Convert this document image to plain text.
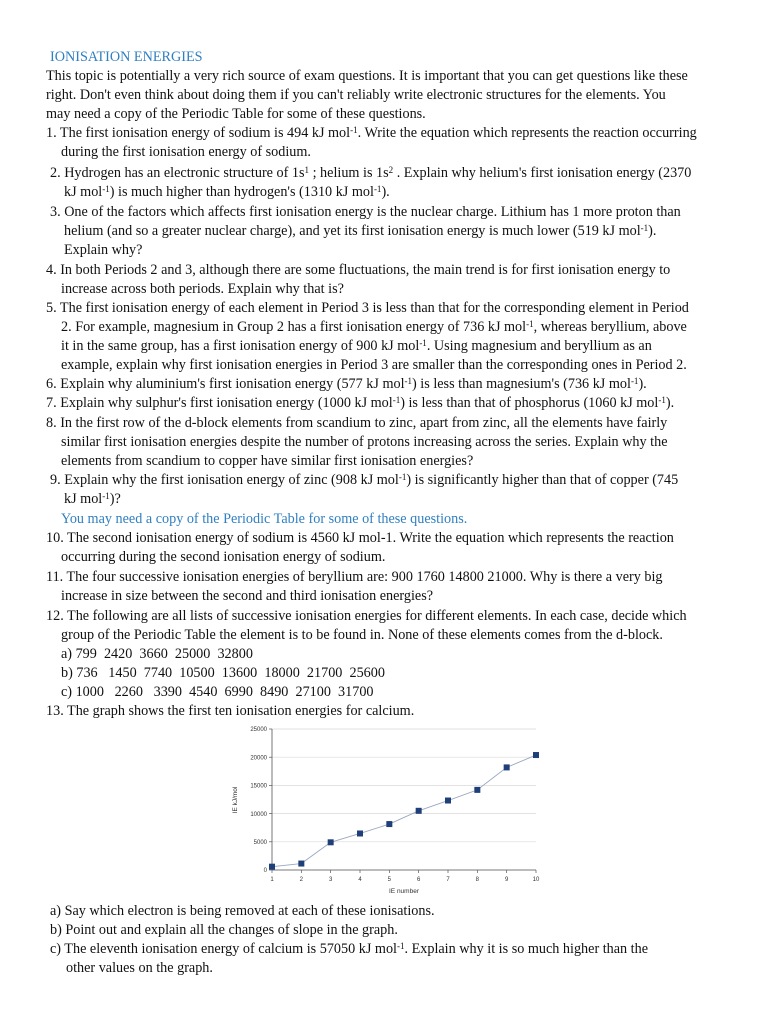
IONISATION ENERGIES

This topic is potentially a very rich source of exam questions. It is important that you can get questions like these

right. Don't even think about doing them if you can't reliably write electronic structures for the elements. You

may need a copy of the Periodic Table for some of these questions.

1. The first ionisation energy of sodium is 494 kJ mol$^{-1}$. Write the equation which represents the reaction occurring

during the first ionisation energy of sodium.

2. Hydrogen has an electronic structure of $1s^1$ ; helium is $1s^2$ . Explain why helium's first ionisation energy (2370

kJ mol$^{-1}$) is much higher than hydrogen's (1310 kJ mol$^{-1}$).

3. One of the factors which affects first ionisation energy is the nuclear charge. Lithium has 1 more proton than

helium (and so a greater nuclear charge), and yet its first ionisation energy is much lower (519 kJ mol$^{-1}$).

Explain why?

4. In both Periods 2 and 3, although there are some fluctuations, the main trend is for first ionisation energy to

increase across both periods. Explain why that is?

5. The first ionisation energy of each element in Period 3 is less than that for the corresponding element in Period

2. For example, magnesium in Group 2 has a first ionisation energy of 736 kJ mol$^{-1}$, whereas beryllium, above

it in the same group, has a first ionisation energy of 900 kJ mol$^{-1}$. Using magnesium and beryllium as an

example, explain why first ionisation energies in Period 3 are smaller than the corresponding ones in Period 2.

6. Explain why aluminium's first ionisation energy (577 kJ mol$^{-1}$) is less than magnesium's (736 kJ mol$^{-1}$).

7. Explain why sulphur's first ionisation energy (1000 kJ mol$^{-1}$) is less than that of phosphorus (1060 kJ mol$^{-1}$).

8. In the first row of the d-block elements from scandium to zinc, apart from zinc, all the elements have fairly

similar first ionisation energies despite the number of protons increasing across the series. Explain why the

elements from scandium to copper have similar first ionisation energies?

9. Explain why the first ionisation energy of zinc (908 kJ mol$^{-1}$) is significantly higher than that of copper (745

kJ mol$^{-1}$)?

You may need a copy of the Periodic Table for some of these questions.

10. The second ionisation energy of sodium is 4560 kJ mol-1. Write the equation which represents the reaction

occurring during the second ionisation energy of sodium.

11. The four successive ionisation energies of beryllium are: 900 1760 14800 21000. Why is there a very big

increase in size between the second and third ionisation energies?

12. The following are all lists of successive ionisation energies for different elements. In each case, decide which

group of the Periodic Table the element is to be found in. None of these elements comes from the d-block.

a) 799  2420  3660  25000  32800

b) 736   1450  7740  10500  13600  18000  21700  25600

c) 1000   2260   3390  4540  6990  8490  27100  31700

13. The graph shows the first ten ionisation energies for calcium.

0
5000
10000
15000
20000
25000
1	2	3	4	5	6	7	8	9	10
IE kJ/mol
IE number

a) Say which electron is being removed at each of these ionisations.

b) Point out and explain all the changes of slope in the graph.

c) The eleventh ionisation energy of calcium is 57050 kJ mol$^{-1}$. Explain why it is so much higher than the

other values on the graph.
